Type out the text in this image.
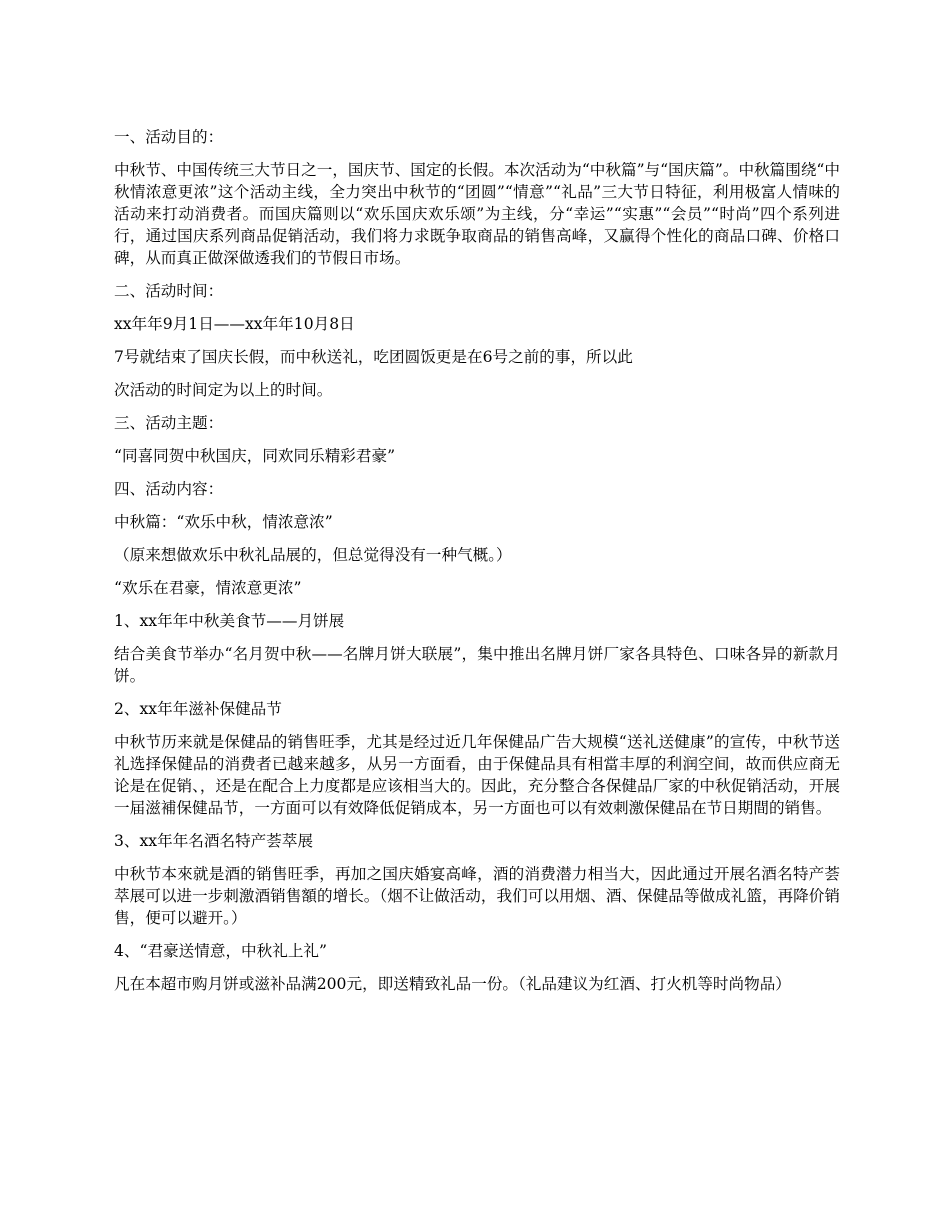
一、活动目的：

中秋节、中国传统三大节日之一，国庆节、国定的长假。本次活动为“中秋篇”与“国庆篇”。中秋篇围绕“中秋情浓意更浓”这个活动主线，全力突出中秋节的“团圆”“情意”“礼品”三大节日特征，利用极富人情味的活动来打动消费者。而国庆篇则以“欢乐国庆欢乐颂”为主线，分“幸运”“实惠”“会员”“时尚”四个系列进行，通过国庆系列商品促销活动，我们将力求既争取商品的销售高峰，又赢得个性化的商品口碑、价格口碑，从而真正做深做透我们的节假日市场。

二、活动时间：

xx年年9月1日——xx年年10月8日

7号就结束了国庆长假，而中秋送礼，吃团圆饭更是在6号之前的事，所以此

次活动的时间定为以上的时间。

三、活动主题：

“同喜同贺中秋国庆，同欢同乐精彩君豪”

四、活动内容：

中秋篇：“欢乐中秋，情浓意浓”

（原来想做欢乐中秋礼品展的，但总觉得没有一种气概。）

“欢乐在君豪，情浓意更浓”

1、xx年年中秋美食节——月饼展

结合美食节举办“名月贺中秋——名牌月饼大联展”，集中推出名牌月饼厂家各具特色、口味各异的新款月饼。

2、xx年年滋补保健品节

中秋节历来就是保健品的销售旺季，尤其是经过近几年保健品广告大规模“送礼送健康”的宣传，中秋节送礼选择保健品的消费者已越来越多，从另一方面看，由于保健品具有相當丰厚的利润空间，故而供应商无论是在促销、，还是在配合上力度都是应该相当大的。因此，充分整合各保健品厂家的中秋促销活动，开展一届滋補保健品节，一方面可以有效降低促销成本，另一方面也可以有效刺激保健品在节日期間的销售。

3、xx年年名酒名特产荟萃展

中秋节本來就是酒的销售旺季，再加之国庆婚宴高峰，酒的消费潜力相当大，因此通过开展名酒名特产荟萃展可以进一步刺激酒销售額的增长。（烟不让做活动，我们可以用烟、酒、保健品等做成礼篮，再降价销售，便可以避开。）

4、“君豪送情意，中秋礼上礼”

凡在本超市购月饼或滋补品满200元，即送精致礼品一份。（礼品建议为红酒、打火机等时尚物品）
